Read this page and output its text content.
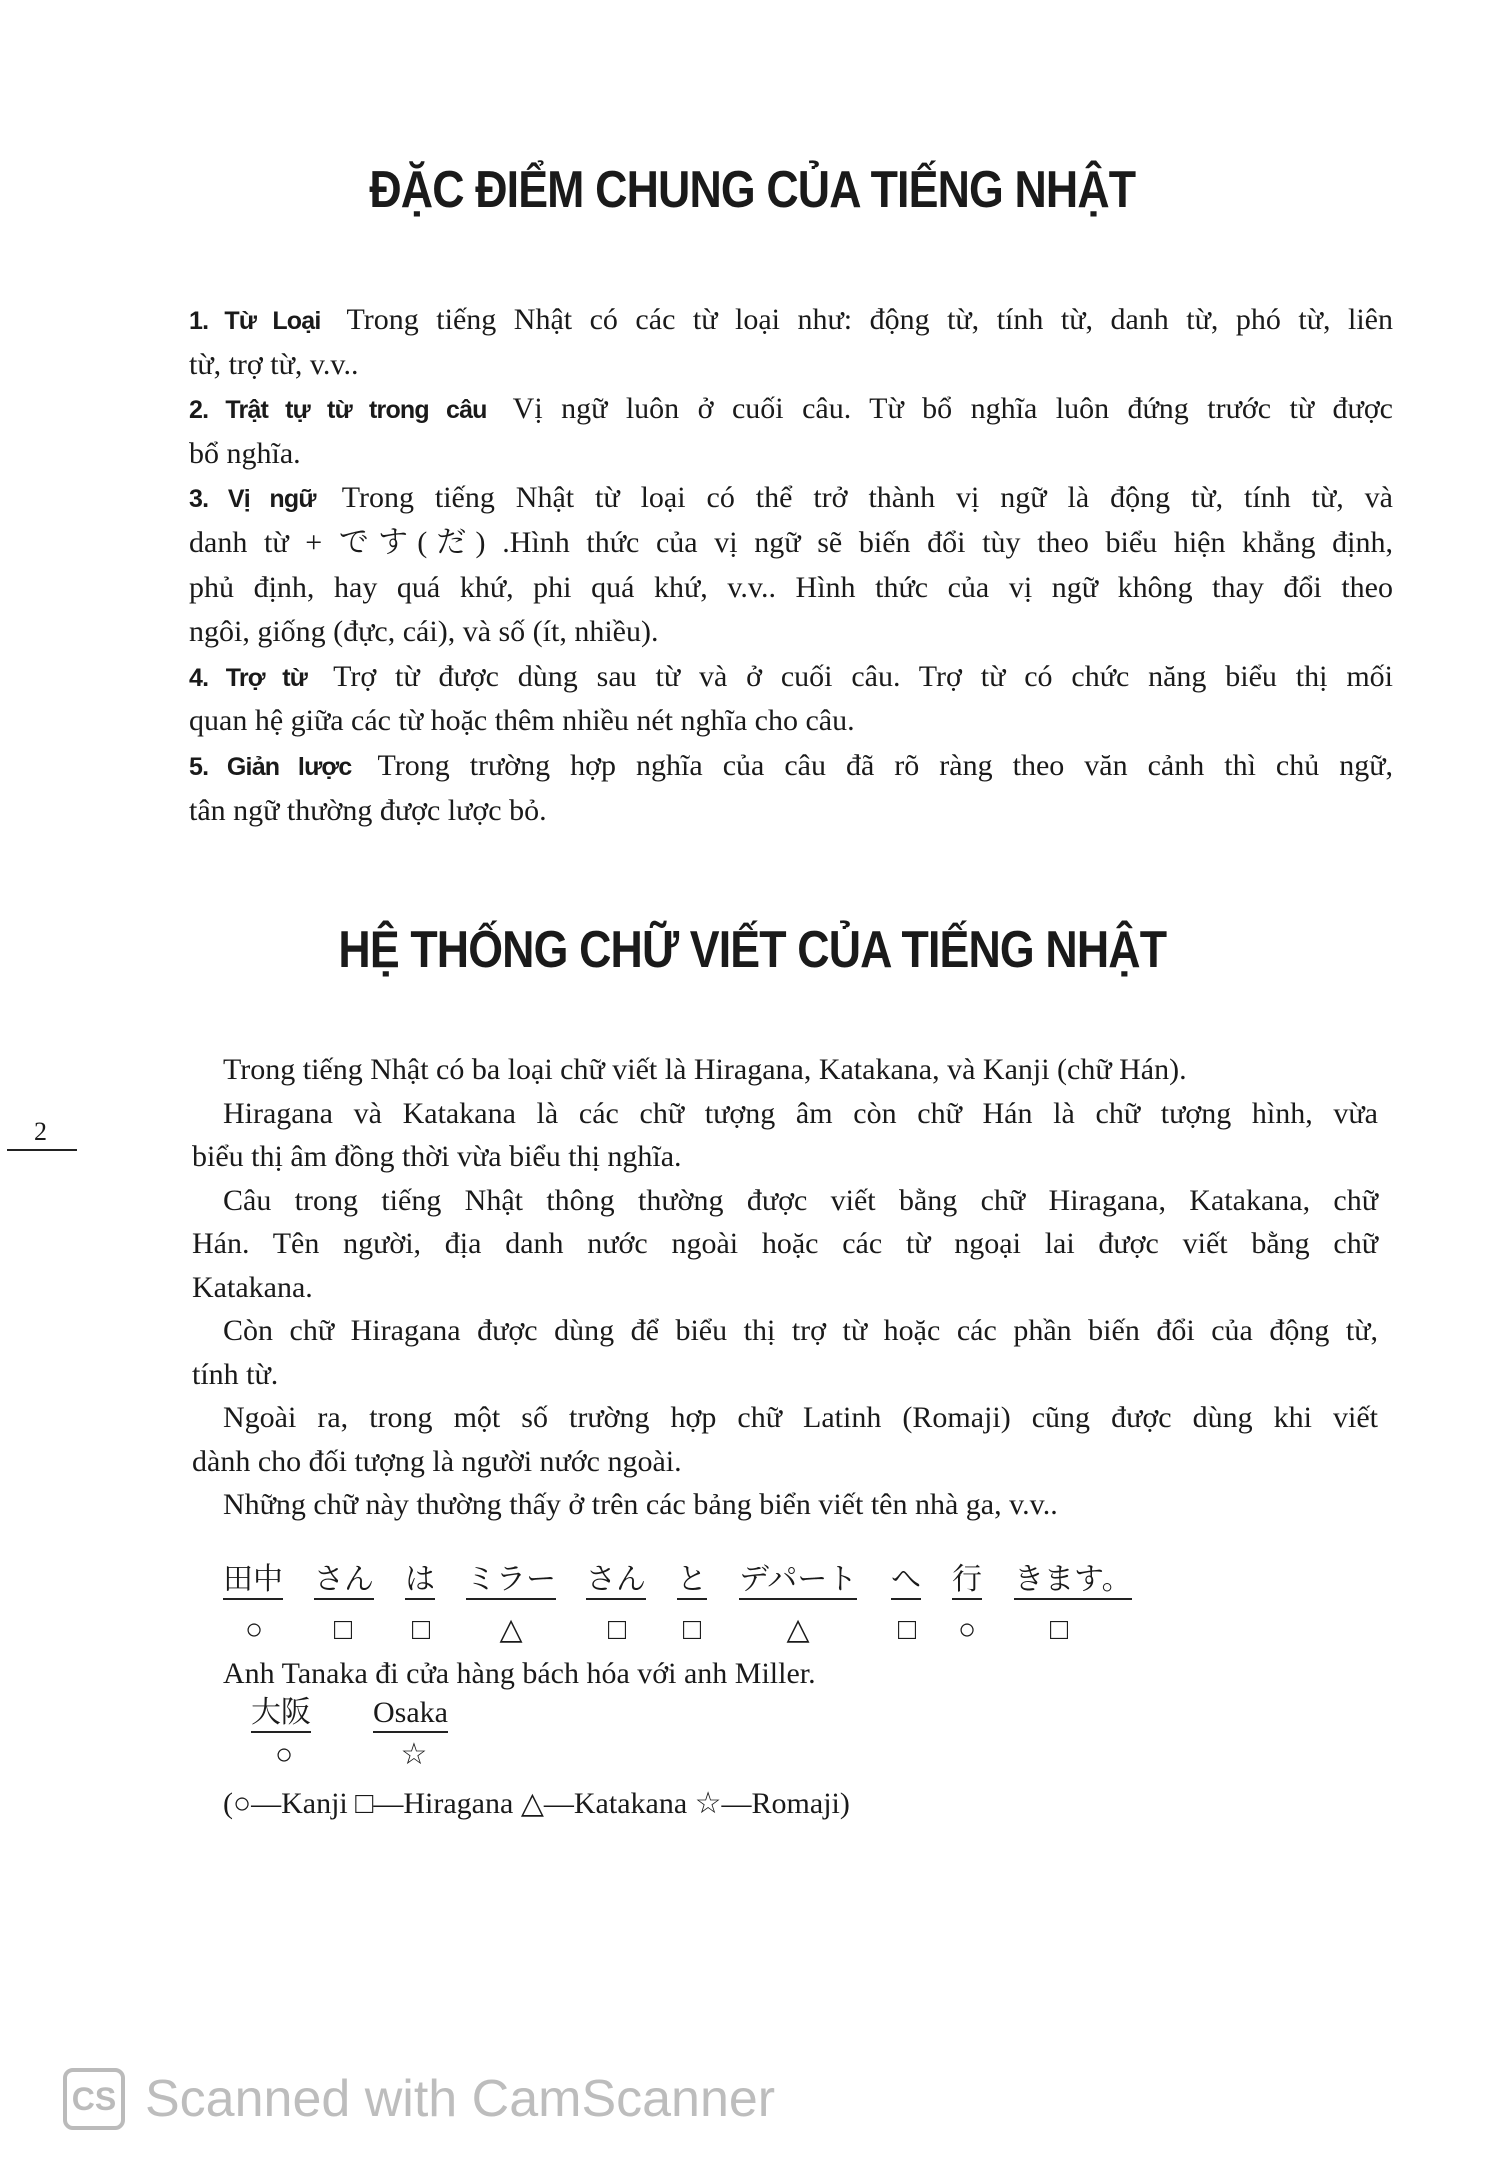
ĐẶC ĐIỂM CHUNG CỦA TIẾNG NHẬT
1. Từ Loại Trong tiếng Nhật có các từ loại như: động từ, tính từ, danh từ, phó từ, liên
từ, trợ từ, v.v..
2. Trật tự từ trong câu Vị ngữ luôn ở cuối câu. Từ bổ nghĩa luôn đứng trước từ được
bổ nghĩa.
3. Vị ngữ Trong tiếng Nhật từ loại có thể trở thành vị ngữ là động từ, tính từ, và
danh từ + です(だ) .Hình thức của vị ngữ sẽ biến đổi tùy theo biểu hiện khẳng định,
phủ định, hay quá khứ, phi quá khứ, v.v.. Hình thức của vị ngữ không thay đổi theo
ngôi, giống (đực, cái), và số (ít, nhiều).
4. Trợ từ Trợ từ được dùng sau từ và ở cuối câu. Trợ từ có chức năng biểu thị mối
quan hệ giữa các từ hoặc thêm nhiều nét nghĩa cho câu.
5. Giản lược Trong trường hợp nghĩa của câu đã rõ ràng theo văn cảnh thì chủ ngữ,
tân ngữ thường được lược bỏ.
HỆ THỐNG CHỮ VIẾT CỦA TIẾNG NHẬT
Trong tiếng Nhật có ba loại chữ viết là Hiragana, Katakana, và Kanji (chữ Hán).
Hiragana và Katakana là các chữ tượng âm còn chữ Hán là chữ tượng hình, vừa
biểu thị âm đồng thời vừa biểu thị nghĩa.
Câu trong tiếng Nhật thông thường được viết bằng chữ Hiragana, Katakana, chữ
Hán. Tên người, địa danh nước ngoài hoặc các từ ngoại lai được viết bằng chữ
Katakana.
Còn chữ Hiragana được dùng để biểu thị trợ từ hoặc các phần biến đổi của động từ,
tính từ.
Ngoài ra, trong một số trường hợp chữ Latinh (Romaji) cũng được dùng khi viết
dành cho đối tượng là người nước ngoài.
Những chữ này thường thấy ở trên các bảng biển viết tên nhà ga, v.v..
2
田中 さん は ミラー さん と デパート へ 行 きます。
○ □ □ △	□ □	△	□ ○ □
大阪 Osaka
○	☆
Anh Tanaka đi cửa hàng bách hóa với anh Miller.
(○—Kanji □—Hiragana △—Katakana ☆—Romaji)
CS Scanned with CamScanner
